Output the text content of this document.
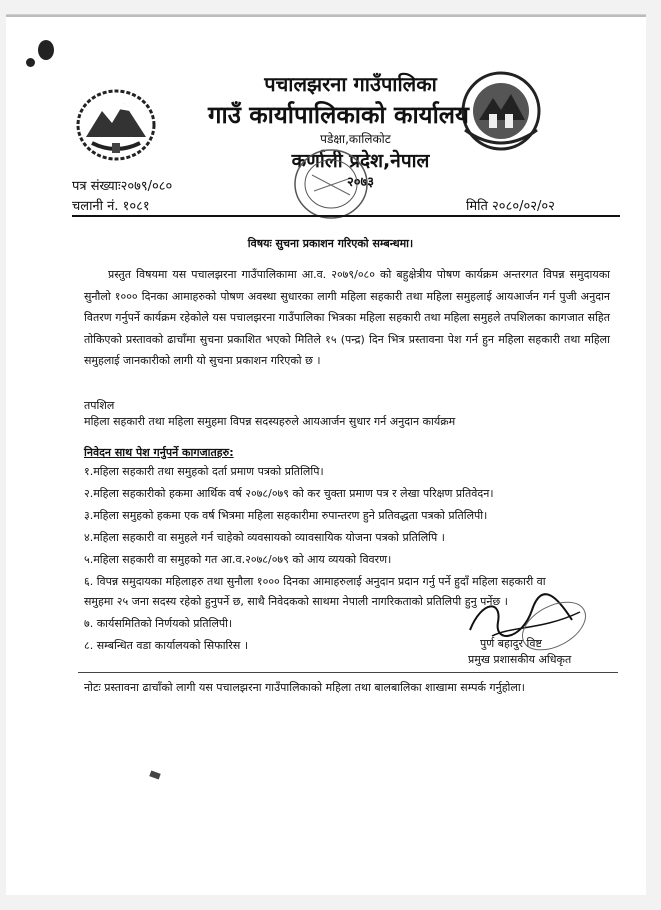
पचालझरना गाउँपालिका
गाउँ कार्यापालिकाको कार्यालय
पडेक्षा,कालिकोट
कर्णाली प्रदेश,नेपाल
२०७३
पत्र संख्याः२०७९/०८०
चलानी नं. १०८१	मिति २०८०/०२/०२
विषयः सुचना प्रकाशन गरिएको सम्बन्धमा।
प्रस्तुत विषयमा यस पचालझरना गाउँपालिकामा आ.व. २०७९/०८० को बहुक्षेत्रीय पोषण कार्यक्रम अन्तरगत विपन्न समुदायका सुनौलो १००० दिनका आमाहरुको पोषण अवस्था सुधारका लागी महिला सहकारी तथा महिला समुहलाई आयआर्जन गर्न पुजी अनुदान वितरण गर्नुपर्ने कार्यक्रम रहेकोले यस पचालझरना गाउँपालिका भित्रका महिला सहकारी तथा महिला समुहले तपशिलका कागजात सहित तोकिएको प्रस्तावको ढाचाँमा सुचना प्रकाशित भएको मितिले १५ (पन्द्र) दिन भित्र प्रस्तावना पेश गर्न हुन महिला सहकारी तथा महिला समुहलाई जानकारीको लागी यो सुचना प्रकाशन गरिएको छ ।
तपशिल
महिला सहकारी तथा महिला समुहमा विपन्न सदस्यहरुले आयआर्जन सुधार गर्न अनुदान कार्यक्रम
निवेदन साथ पेश गर्नुपर्ने कागजातहरु:
१.महिला सहकारी तथा समुहको दर्ता प्रमाण पत्रको प्रतिलिपि।
२.महिला सहकारीको हकमा आर्थिक वर्ष २०७८/०७९ को कर चुक्ता प्रमाण पत्र र लेखा परिक्षण प्रतिवेदन।
३.महिला समुहको हकमा एक वर्ष भित्रमा महिला सहकारीमा रुपान्तरण हुने प्रतिवद्धता पत्रको प्रतिलिपी।
४.महिला सहकारी वा समुहले गर्न चाहेको व्यवसायको व्यावसायिक योजना पत्रको प्रतिलिपि ।
५.महिला सहकारी वा समुहको गत आ.व.२०७८/०७९ को आय व्ययको विवरण।
६. विपन्न समुदायका महिलाहरु तथा सुनौला १००० दिनका आमाहरुलाई अनुदान प्रदान गर्नु पर्ने हुदाँ महिला सहकारी वा समुहमा २५ जना सदस्य रहेको हुनुपर्ने छ, साथै निवेदकको साथमा नेपाली नागरिकताको प्रतिलिपी हुनु पर्नेछ ।
७. कार्यसमितिको निर्णयको प्रतिलिपी।
८. सम्बन्धित वडा कार्यालयको सिफारिस ।	पुर्ण बहादुर विष्ट
प्रमुख प्रशासकीय अधिकृत
नोटः प्रस्तावना ढाचाँको लागी यस पचालझरना गाउँपालिकाको महिला तथा बालबालिका शाखामा सम्पर्क गर्नुहोला।
